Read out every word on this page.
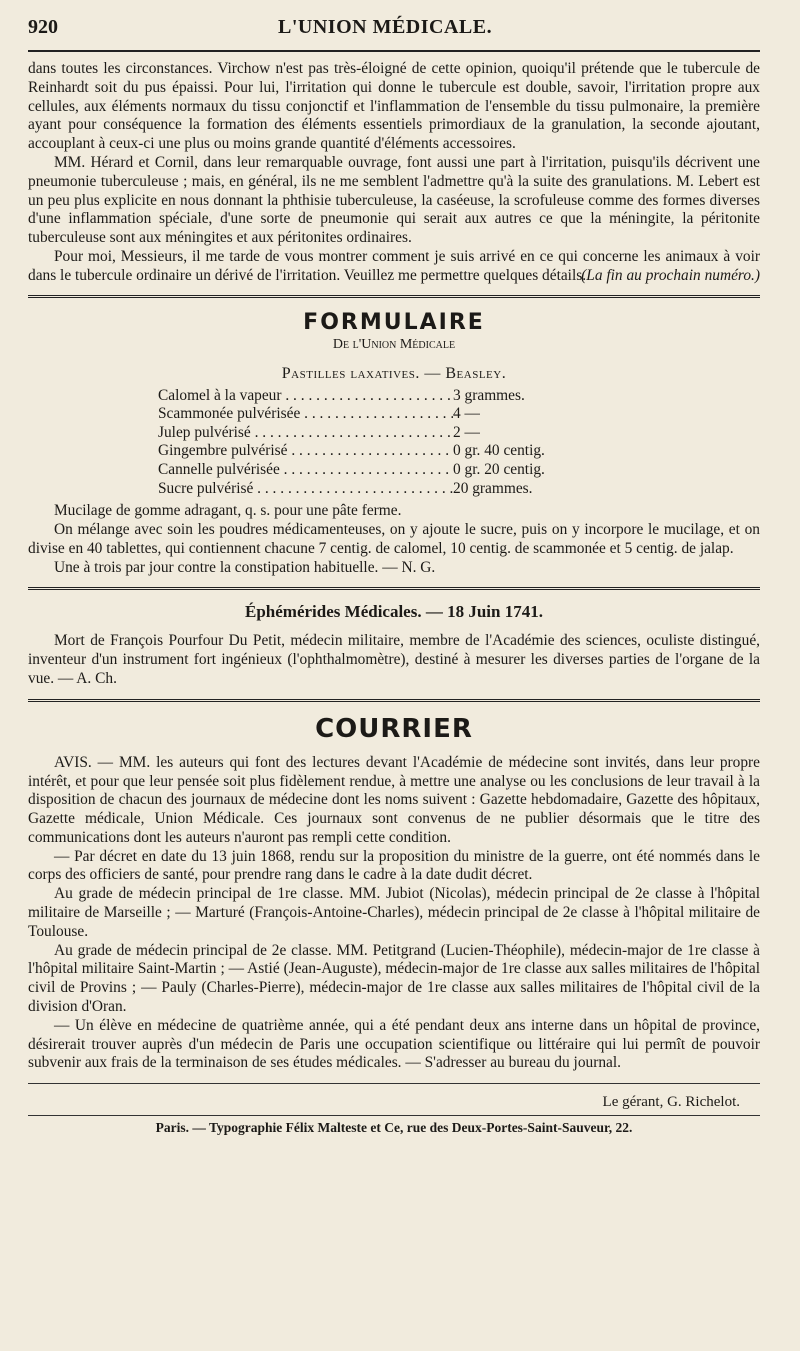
920	L'UNION MÉDICALE.

dans toutes les circonstances. Virchow n'est pas très-éloigné de cette opinion, quoiqu'il prétende que le tubercule de Reinhardt soit du pus épaissi. Pour lui, l'irritation qui donne le tubercule est double, savoir, l'irritation propre aux cellules, aux éléments normaux du tissu conjonctif et l'inflammation de l'ensemble du tissu pulmonaire, la première ayant pour conséquence la formation des éléments essentiels primordiaux de la granulation, la seconde ajoutant, accouplant à ceux-ci une plus ou moins grande quantité d'éléments accessoires.

MM. Hérard et Cornil, dans leur remarquable ouvrage, font aussi une part à l'irritation, puisqu'ils décrivent une pneumonie tuberculeuse ; mais, en général, ils ne me semblent l'admettre qu'à la suite des granulations. M. Lebert est un peu plus explicite en nous donnant la phthisie tuberculeuse, la caséeuse, la scrofuleuse comme des formes diverses d'une inflammation spéciale, d'une sorte de pneumonie qui serait aux autres ce que la méningite, la péritonite tuberculeuse sont aux méningites et aux péritonites ordinaires.

Pour moi, Messieurs, il me tarde de vous montrer comment je suis arrivé en ce qui concerne les animaux à voir dans le tubercule ordinaire un dérivé de l'irritation. Veuillez me permettre quelques détails.

(La fin au prochain numéro.)
FORMULAIRE
De l'Union Médicale
Pastilles laxatives. — Beasley.
Calomel à la vapeur . . .	3 grammes.
Scammonée pulvérisée . . .	4 —
Julep pulvérisé . . .	2 —
Gingembre pulvérisé . . .	0 gr. 40 centig.
Cannelle pulvérisée . . .	0 gr. 20 centig.
Sucre pulvérisé . . .	20 grammes.

Mucilage de gomme adragant, q. s. pour une pâte ferme.

On mélange avec soin les poudres médicamenteuses, on y ajoute le sucre, puis on y incorpore le mucilage, et on divise en 40 tablettes, qui contiennent chacune 7 centig. de calomel, 10 centig. de scammonée et 5 centig. de jalap.

Une à trois par jour contre la constipation habituelle. — N. G.

Éphémérides Médicales. — 18 Juin 1741.

Mort de François Pourfour Du Petit, médecin militaire, membre de l'Académie des sciences, oculiste distingué, inventeur d'un instrument fort ingénieux (l'ophthalmomètre), destiné à mesurer les diverses parties de l'organe de la vue. — A. Ch.

COURRIER

AVIS. — MM. les auteurs qui font des lectures devant l'Académie de médecine sont invités, dans leur propre intérêt, et pour que leur pensée soit plus fidèlement rendue, à mettre une analyse ou les conclusions de leur travail à la disposition de chacun des journaux de médecine dont les noms suivent : Gazette hebdomadaire, Gazette des hôpitaux, Gazette médicale, Union Médicale. Ces journaux sont convenus de ne publier désormais que le titre des communications dont les auteurs n'auront pas rempli cette condition.

— Par décret en date du 13 juin 1868, rendu sur la proposition du ministre de la guerre, ont été nommés dans le corps des officiers de santé, pour prendre rang dans le cadre à la date dudit décret.

Au grade de médecin principal de 1re classe. MM. Jubiot (Nicolas), médecin principal de 2e classe à l'hôpital militaire de Marseille ; — Marturé (François-Antoine-Charles), médecin principal de 2e classe à l'hôpital militaire de Toulouse.

Au grade de médecin principal de 2e classe. MM. Petitgrand (Lucien-Théophile), médecin-major de 1re classe à l'hôpital militaire Saint-Martin ; — Astié (Jean-Auguste), médecin-major de 1re classe aux salles militaires de l'hôpital civil de Provins ; — Pauly (Charles-Pierre), médecin-major de 1re classe aux salles militaires de l'hôpital civil de la division d'Oran.

— Un élève en médecine de quatrième année, qui a été pendant deux ans interne dans un hôpital de province, désirerait trouver auprès d'un médecin de Paris une occupation scientifique ou littéraire qui lui permît de pouvoir subvenir aux frais de la terminaison de ses études médicales. — S'adresser au bureau du journal.

Le gérant, G. Richelot.
Paris. — Typographie Félix Malteste et Ce, rue des Deux-Portes-Saint-Sauveur, 22.
